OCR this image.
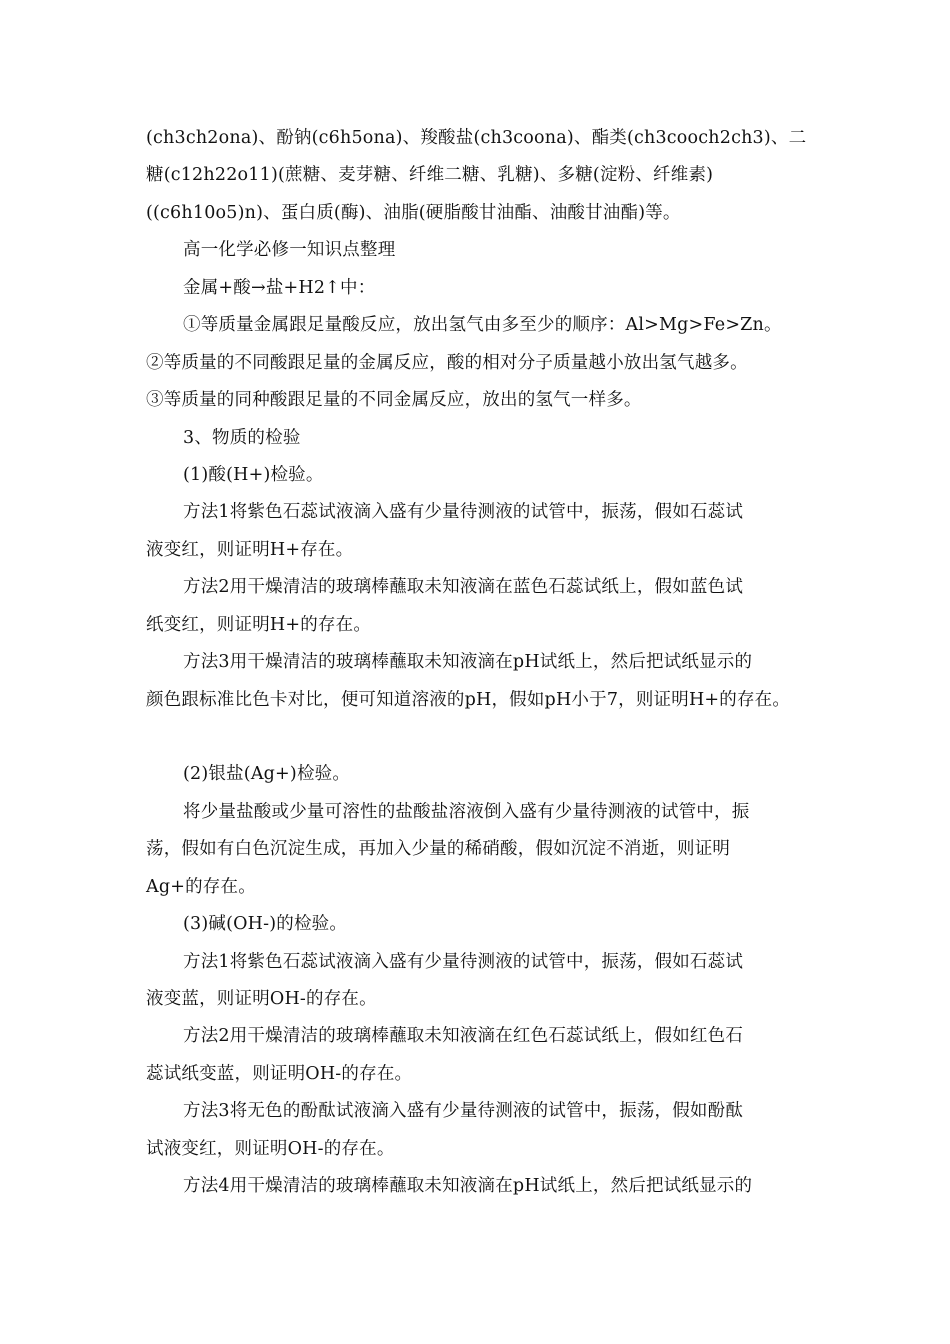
(ch3ch2ona)、酚钠(c6h5ona)、羧酸盐(ch3coona)、酯类(ch3cooch2ch3)、二
糖(c12h22o11)(蔗糖、麦芽糖、纤维二糖、乳糖)、多糖(淀粉、纤维素)
((c6h10o5)n)、蛋白质(酶)、油脂(硬脂酸甘油酯、油酸甘油酯)等。
高一化学必修一知识点整理
金属+酸→盐+H2↑中：
①等质量金属跟足量酸反应，放出氢气由多至少的顺序：Al>Mg>Fe>Zn。
②等质量的不同酸跟足量的金属反应，酸的相对分子质量越小放出氢气越多。
③等质量的同种酸跟足量的不同金属反应，放出的氢气一样多。
3、物质的检验
(1)酸(H+)检验。
方法1将紫色石蕊试液滴入盛有少量待测液的试管中，振荡，假如石蕊试
液变红，则证明H+存在。
方法2用干燥清洁的玻璃棒蘸取未知液滴在蓝色石蕊试纸上，假如蓝色试
纸变红，则证明H+的存在。
方法3用干燥清洁的玻璃棒蘸取未知液滴在pH试纸上，然后把试纸显示的
颜色跟标准比色卡对比，便可知道溶液的pH，假如pH小于7，则证明H+的存在。
(2)银盐(Ag+)检验。
将少量盐酸或少量可溶性的盐酸盐溶液倒入盛有少量待测液的试管中，振
荡，假如有白色沉淀生成，再加入少量的稀硝酸，假如沉淀不消逝，则证明
Ag+的存在。
(3)碱(OH-)的检验。
方法1将紫色石蕊试液滴入盛有少量待测液的试管中，振荡，假如石蕊试
液变蓝，则证明OH-的存在。
方法2用干燥清洁的玻璃棒蘸取未知液滴在红色石蕊试纸上，假如红色石
蕊试纸变蓝，则证明OH-的存在。
方法3将无色的酚酞试液滴入盛有少量待测液的试管中，振荡，假如酚酞
试液变红，则证明OH-的存在。
方法4用干燥清洁的玻璃棒蘸取未知液滴在pH试纸上，然后把试纸显示的
